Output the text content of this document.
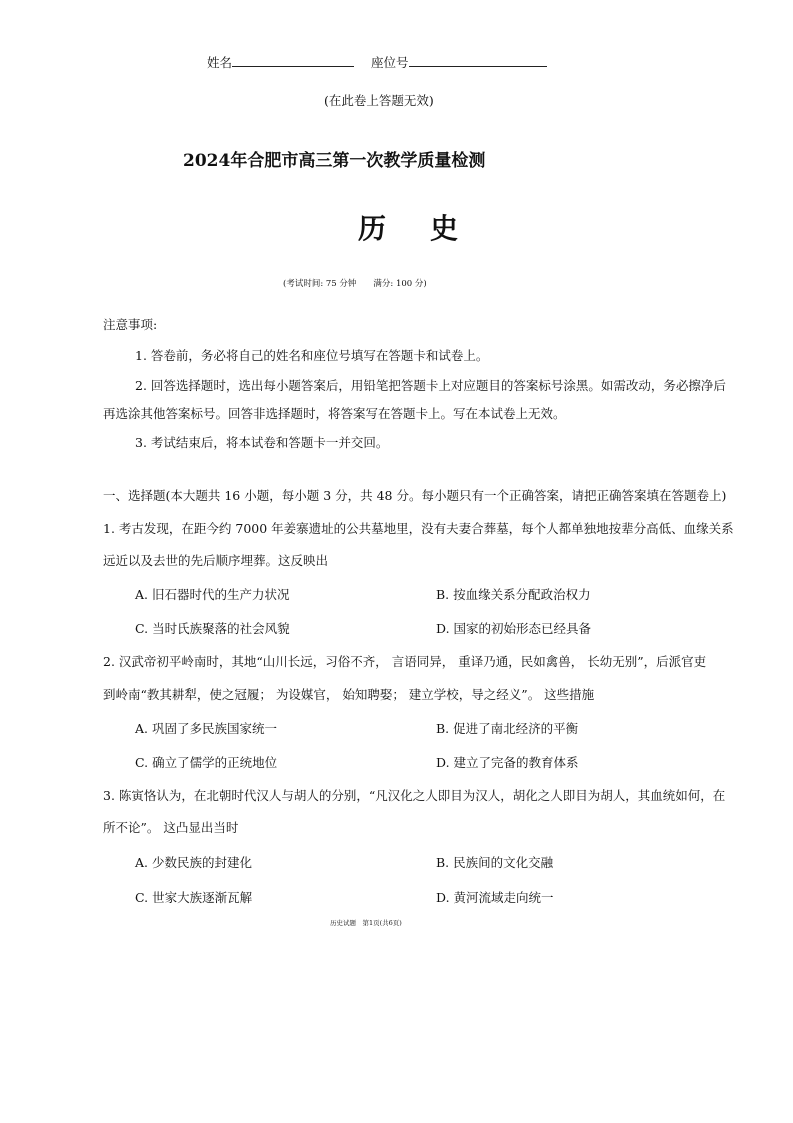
姓名	座位号
(在此卷上答题无效)
2024年合肥市高三第一次教学质量检测
历史
(考试时间: 75 分钟　　满分: 100 分)
注意事项:
1. 答卷前，务必将自己的姓名和座位号填写在答题卡和试卷上。
2. 回答选择题时，选出每小题答案后，用铅笔把答题卡上对应题目的答案标号涂黑。如需改动，务必擦净后
再选涂其他答案标号。回答非选择题时，将答案写在答题卡上。写在本试卷上无效。
3. 考试结束后，将本试卷和答题卡一并交回。
一、选择题(本大题共 16 小题，每小题 3 分，共 48 分。每小题只有一个正确答案，请把正确答案填在答题卷上)
1. 考古发现，在距今约 7000 年姜寨遗址的公共墓地里，没有夫妻合葬墓，每个人都单独地按辈分高低、血缘关系
远近以及去世的先后顺序埋葬。这反映出
A. 旧石器时代的生产力状况	B. 按血缘关系分配政治权力
C. 当时氏族聚落的社会风貌	D. 国家的初始形态已经具备
2. 汉武帝初平岭南时，其地“山川长远，习俗不齐， 言语同异， 重译乃通，民如禽兽， 长幼无别”，后派官吏
到岭南“教其耕犁，使之冠履； 为设媒官， 始知聘娶； 建立学校，导之经义”。 这些措施
A. 巩固了多民族国家统一	B. 促进了南北经济的平衡
C. 确立了儒学的正统地位	D. 建立了完备的教育体系
3. 陈寅恪认为，在北朝时代汉人与胡人的分别，“凡汉化之人即目为汉人，胡化之人即目为胡人，其血统如何，在
所不论”。 这凸显出当时
A. 少数民族的封建化	B. 民族间的文化交融
C. 世家大族逐渐瓦解	D. 黄河流域走向统一
历史试题　第1页(共6页)
